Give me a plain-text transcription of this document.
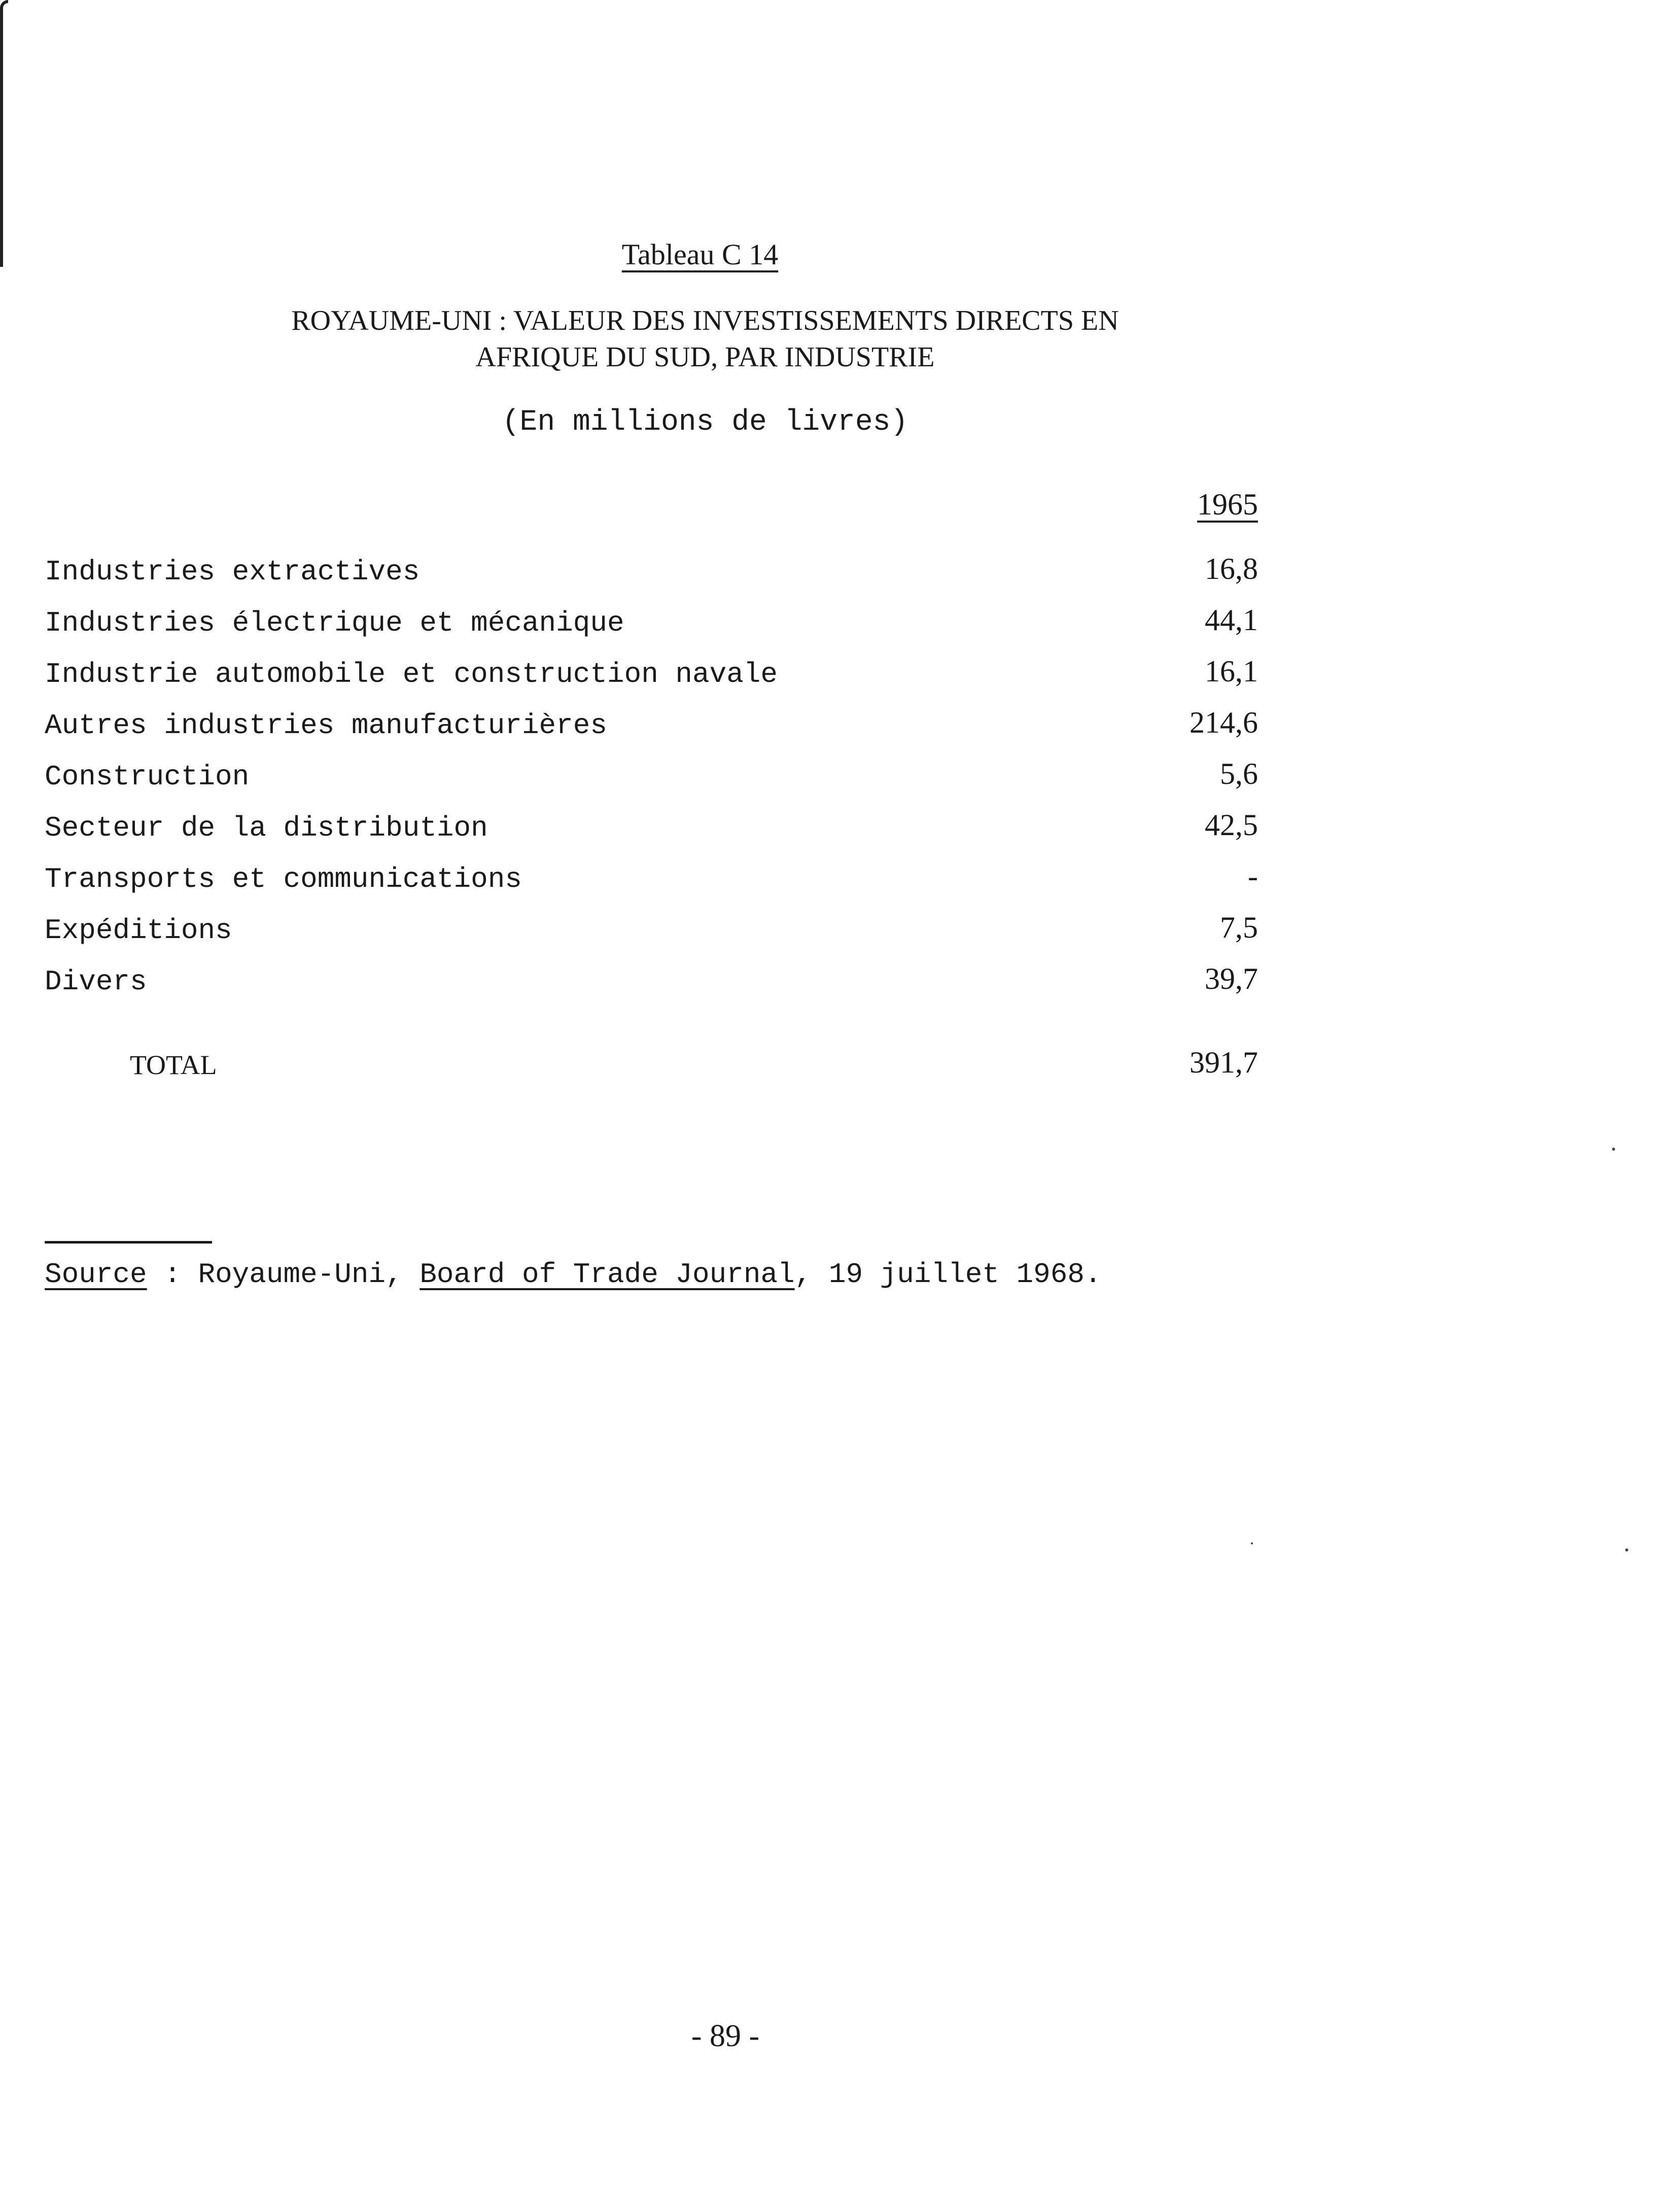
Tableau C 14
ROYAUME-UNI : VALEUR DES INVESTISSEMENTS DIRECTS EN
AFRIQUE DU SUD, PAR INDUSTRIE
(En millions de livres)
1965
Industries extractives	16,8
Industries électrique et mécanique	44,1
Industrie automobile et construction navale	16,1
Autres industries manufacturières	214,6
Construction	5,6
Secteur de la distribution	42,5
Transports et communications	-
Expéditions	7,5
Divers	39,7
TOTAL	391,7
Source : Royaume-Uni, Board of Trade Journal, 19 juillet 1968.
- 89 -
